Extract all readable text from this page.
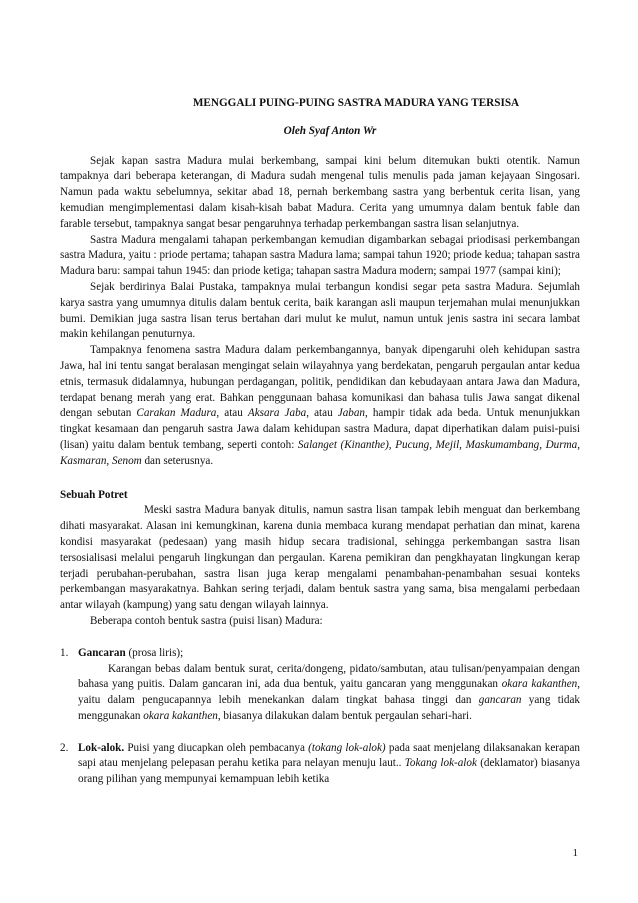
MENGGALI PUING-PUING SASTRA MADURA YANG TERSISA

Oleh Syaf Anton Wr

Sejak kapan sastra Madura mulai berkembang, sampai kini belum ditemukan bukti otentik. Namun tampaknya dari beberapa keterangan, di Madura sudah mengenal tulis menulis pada jaman kejayaan Singosari. Namun pada waktu sebelumnya, sekitar abad 18, pernah berkembang sastra yang berbentuk cerita lisan, yang kemudian mengimplementasi dalam kisah-kisah babat Madura. Cerita yang umumnya dalam bentuk fable dan farable tersebut, tampaknya sangat besar pengaruhnya terhadap perkembangan sastra lisan selanjutnya.

Sastra Madura mengalami tahapan perkembangan kemudian digambarkan sebagai priodisasi perkembangan sastra Madura, yaitu : priode pertama; tahapan sastra Madura lama; sampai tahun 1920; priode kedua; tahapan sastra Madura baru: sampai tahun 1945: dan priode ketiga; tahapan sastra Madura modern; sampai 1977 (sampai kini);

Sejak berdirinya Balai Pustaka, tampaknya mulai terbangun kondisi segar peta sastra Madura. Sejumlah karya sastra yang umumnya ditulis dalam bentuk cerita, baik karangan asli maupun terjemahan mulai menunjukkan bumi. Demikian juga sastra lisan terus bertahan dari mulut ke mulut, namun untuk jenis sastra ini secara lambat makin kehilangan penuturnya.

Tampaknya fenomena sastra Madura dalam perkembangannya, banyak dipengaruhi oleh kehidupan sastra Jawa, hal ini tentu sangat beralasan mengingat selain wilayahnya yang berdekatan, pengaruh pergaulan antar kedua etnis, termasuk didalamnya, hubungan perdagangan, politik, pendidikan dan kebudayaan antara Jawa dan Madura, terdapat benang merah yang erat. Bahkan penggunaan bahasa komunikasi dan bahasa tulis Jawa sangat dikenal dengan sebutan Carakan Madura, atau Aksara Jaba, atau Jaban, hampir tidak ada beda. Untuk menunjukkan tingkat kesamaan dan pengaruh sastra Jawa dalam kehidupan sastra Madura, dapat diperhatikan dalam puisi-puisi (lisan) yaitu dalam bentuk tembang, seperti contoh: Salanget (Kinanthe), Pucung, Mejil, Maskumambang, Durma, Kasmaran, Senom dan seterusnya.

Sebuah Potret

Meski sastra Madura banyak ditulis, namun sastra lisan tampak lebih menguat dan berkembang dihati masyarakat. Alasan ini kemungkinan, karena dunia membaca kurang mendapat perhatian dan minat, karena kondisi masyarakat (pedesaan) yang masih hidup secara tradisional, sehingga perkembangan sastra lisan tersosialisasi melalui pengaruh lingkungan dan pergaulan. Karena pemikiran dan pengkhayatan lingkungan kerap terjadi perubahan-perubahan, sastra lisan juga kerap mengalami penambahan-penambahan sesuai konteks perkembangan masyarakatnya. Bahkan sering terjadi, dalam bentuk sastra yang sama, bisa mengalami perbedaan antar wilayah (kampung) yang satu dengan wilayah lainnya.

Beberapa contoh bentuk sastra (puisi lisan) Madura:

1. Gancaran (prosa liris);
Karangan bebas dalam bentuk surat, cerita/dongeng, pidato/sambutan, atau tulisan/penyampaian dengan bahasa yang puitis. Dalam gancaran ini, ada dua bentuk, yaitu gancaran yang menggunakan okara kakanthen, yaitu dalam pengucapannya lebih menekankan dalam tingkat bahasa tinggi dan gancaran yang tidak menggunakan okara kakanthen, biasanya dilakukan dalam bentuk pergaulan sehari-hari.
2. Lok-alok. Puisi yang diucapkan oleh pembacanya (tokang lok-alok) pada saat menjelang dilaksanakan kerapan sapi atau menjelang pelepasan perahu ketika para nelayan menuju laut.. Tokang lok-alok (deklamator) biasanya orang pilihan yang mempunyai kemampuan lebih ketika
1
